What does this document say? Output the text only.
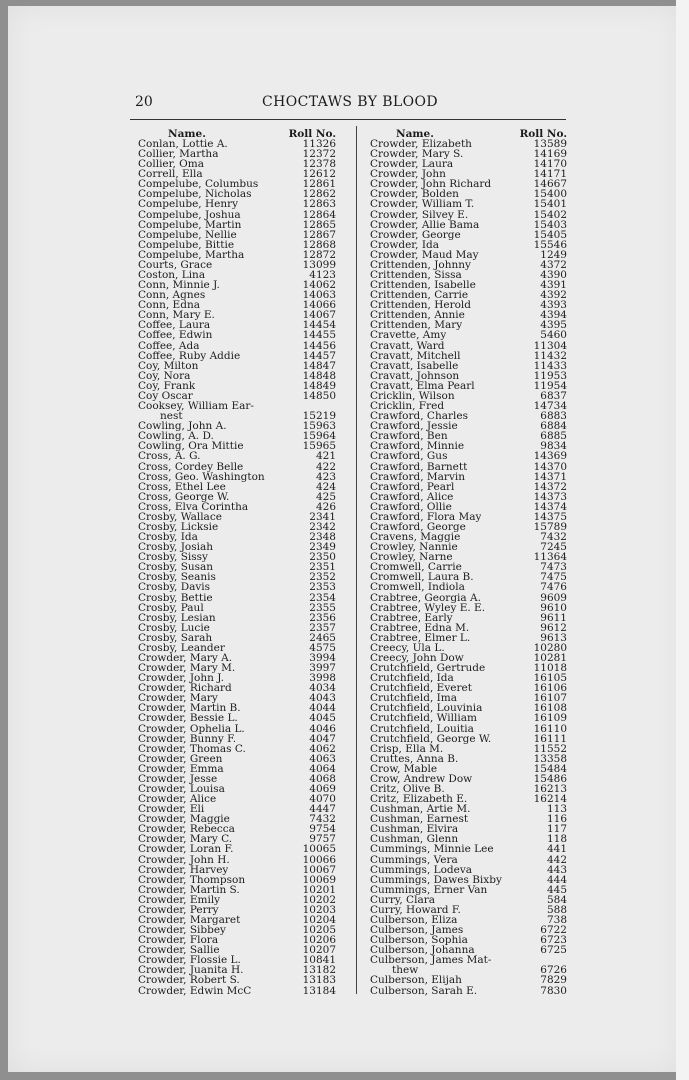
20	CHOCTAWS BY BLOOD
Name.	Roll No.
Conlan, Lottie A.	11326
Collier, Martha	12372
Collier, Oma	12378
Correll, Ella	12612
Compelube, Columbus	12861
Compelube, Nicholas	12862
Compelube, Henry	12863
Compelube, Joshua	12864
Compelube, Martin	12865
Compelube, Nellie	12867
Compelube, Bittie	12868
Compelube, Martha	12872
Courts, Grace	13099
Coston, Lina	4123
Conn, Minnie J.	14062
Conn, Agnes	14063
Conn, Edna	14066
Conn, Mary E.	14067
Coffee, Laura	14454
Coffee, Edwin	14455
Coffee, Ada	14456
Coffee, Ruby Addie	14457
Coy, Milton	14847
Coy, Nora	14848
Coy, Frank	14849
Coy Oscar	14850
Cooksey, William Ear-
nest	15219
Cowling, John A.	15963
Cowling, A. D.	15964
Cowling, Ora Mittie	15965
Cross, A. G.	421
Cross, Cordey Belle	422
Cross, Geo. Washington	423
Cross, Ethel Lee	424
Cross, George W.	425
Cross, Elva Corintha	426
Crosby, Wallace	2341
Crosby, Licksie	2342
Crosby, Ida	2348
Crosby, Josiah	2349
Crosby, Sissy	2350
Crosby, Susan	2351
Crosby, Seanis	2352
Crosby, Davis	2353
Crosby, Bettie	2354
Crosby, Paul	2355
Crosby, Lesian	2356
Crosby, Lucie	2357
Crosby, Sarah	2465
Crosby, Leander	4575
Crowder, Mary A.	3994
Crowder, Mary M.	3997
Crowder, John J.	3998
Crowder, Richard	4034
Crowder, Mary	4043
Crowder, Martin B.	4044
Crowder, Bessie L.	4045
Crowder, Ophelia L.	4046
Crowder, Bunny F.	4047
Crowder, Thomas C.	4062
Crowder, Green	4063
Crowder, Emma	4064
Crowder, Jesse	4068
Crowder, Louisa	4069
Crowder, Alice	4070
Crowder, Eli	4447
Crowder, Maggie	7432
Crowder, Rebecca	9754
Crowder, Mary C.	9757
Crowder, Loran F.	10065
Crowder, John H.	10066
Crowder, Harvey	10067
Crowder, Thompson	10069
Crowder, Martin S.	10201
Crowder, Emily	10202
Crowder, Perry	10203
Crowder, Margaret	10204
Crowder, Sibbey	10205
Crowder, Flora	10206
Crowder, Sallie	10207
Crowder, Flossie L.	10841
Crowder, Juanita H.	13182
Crowder, Robert S.	13183
Crowder, Edwin McC	13184
Name.	Roll No.
Crowder, Elizabeth	13589
Crowder, Mary S.	14169
Crowder, Laura	14170
Crowder, John	14171
Crowder, John Richard	14667
Crowder, Bolden	15400
Crowder, William T.	15401
Crowder, Silvey E.	15402
Crowder, Allie Bama	15403
Crowder, George	15405
Crowder, Ida	15546
Crowder, Maud May	1249
Crittenden, Johnny	4372
Crittenden, Sissa	4390
Crittenden, Isabelle	4391
Crittenden, Carrie	4392
Crittenden, Herold	4393
Crittenden, Annie	4394
Crittenden, Mary	4395
Cravette, Amy	5460
Cravatt, Ward	11304
Cravatt, Mitchell	11432
Cravatt, Isabelle	11433
Cravatt, Johnson	11953
Cravatt, Elma Pearl	11954
Cricklin, Wilson	6837
Cricklin, Fred	14734
Crawford, Charles	6883
Crawford, Jessie	6884
Crawford, Ben	6885
Crawford, Minnie	9834
Crawford, Gus	14369
Crawford, Barnett	14370
Crawford, Marvin	14371
Crawford, Pearl	14372
Crawford, Alice	14373
Crawford, Ollie	14374
Crawford, Flora May	14375
Crawford, George	15789
Cravens, Maggie	7432
Crowley, Nannie	7245
Crowley, Narne	11364
Cromwell, Carrie	7473
Cromwell, Laura B.	7475
Cromwell, Indiola	7476
Crabtree, Georgia A.	9609
Crabtree, Wyley E. E.	9610
Crabtree, Early	9611
Crabtree, Edna M.	9612
Crabtree, Elmer L.	9613
Creecy, Ula L.	10280
Creecy, John Dow	10281
Crutchfield, Gertrude	11018
Crutchfield, Ida	16105
Crutchfield, Everet	16106
Crutchfield, Ima	16107
Crutchfield, Louvinia	16108
Crutchfield, William	16109
Crutchfield, Louitia	16110
Crutchfield, George W.	16111
Crisp, Ella M.	11552
Cruttes, Anna B.	13358
Crow, Mable	15484
Crow, Andrew Dow	15486
Critz, Olive B.	16213
Critz, Elizabeth E.	16214
Cushman, Artie M.	113
Cushman, Earnest	116
Cushman, Elvira	117
Cushman, Glenn	118
Cummings, Minnie Lee	441
Cummings, Vera	442
Cummings, Lodeva	443
Cummings, Dawes Bixby	444
Cummings, Erner Van	445
Curry, Clara	584
Curry, Howard F.	588
Culberson, Eliza	738
Culberson, James	6722
Culberson, Sophia	6723
Culberson, Johanna	6725
Culberson, James Mat-
thew	6726
Culberson, Elijah	7829
Culberson, Sarah E.	7830
